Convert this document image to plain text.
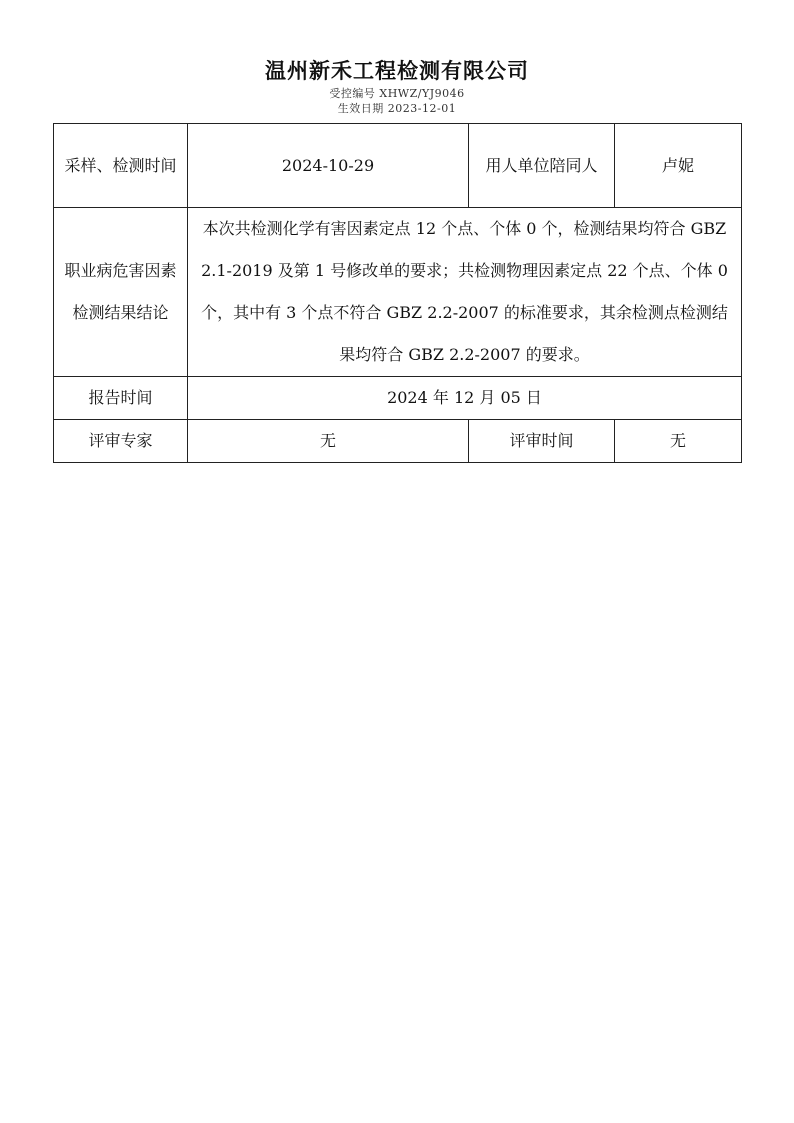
温州新禾工程检测有限公司
受控编号 XHWZ/YJ9046
生效日期 2023-12-01
采样、检测时间	2024-10-29	用人单位陪同人	卢妮
职业病危害因素检测结果结论	本次共检测化学有害因素定点 12 个点、个体 0 个，检测结果均符合 GBZ 2.1-2019 及第 1 号修改单的要求；共检测物理因素定点 22 个点、个体 0 个，其中有 3 个点不符合 GBZ 2.2-2007 的标准要求，其余检测点检测结果均符合 GBZ 2.2-2007 的要求。		
报告时间	2024 年 12 月 05 日		
评审专家	无	评审时间	无
